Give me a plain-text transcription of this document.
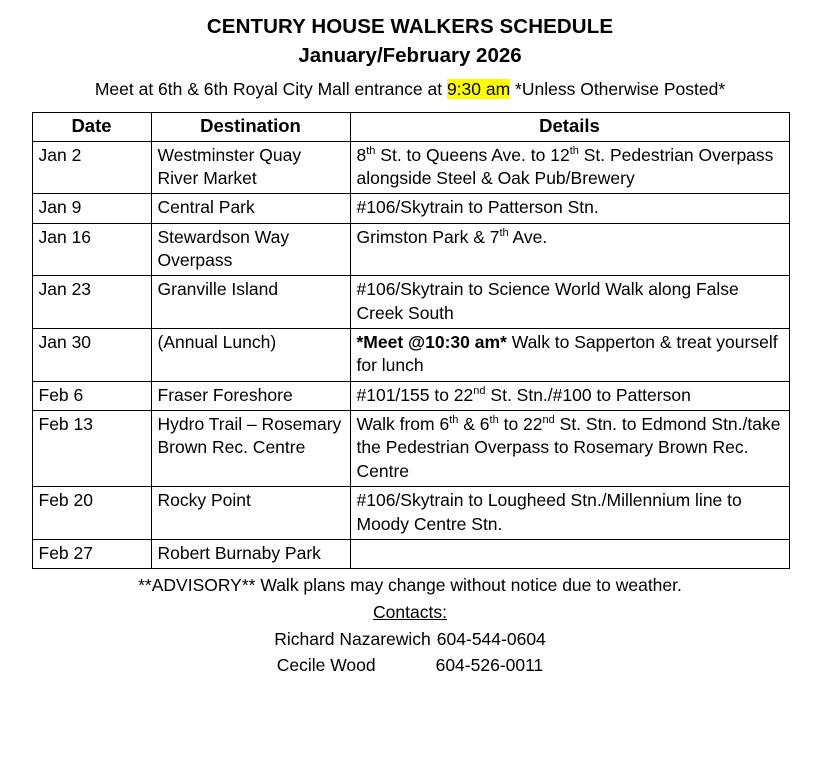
CENTURY HOUSE WALKERS SCHEDULE
January/February 2026
Meet at 6th & 6th Royal City Mall entrance at 9:30 am *Unless Otherwise Posted*
Date	Destination	Details
Jan 2	Westminster Quay River Market	8th St. to Queens Ave. to 12th St. Pedestrian Overpass alongside Steel & Oak Pub/Brewery
Jan 9	Central Park	#106/Skytrain to Patterson Stn.
Jan 16	Stewardson Way Overpass	Grimston Park & 7th Ave.
Jan 23	Granville Island	#106/Skytrain to Science World Walk along False Creek South
Jan 30	(Annual Lunch)	*Meet @10:30 am* Walk to Sapperton & treat yourself for lunch
Feb 6	Fraser Foreshore	#101/155 to 22nd St. Stn./#100 to Patterson
Feb 13	Hydro Trail – Rosemary Brown Rec. Centre	Walk from 6th & 6th to 22nd St. Stn. to Edmond Stn./take the Pedestrian Overpass to Rosemary Brown Rec. Centre
Feb 20	Rocky Point	#106/Skytrain to Lougheed Stn./Millennium line to Moody Centre Stn.
Feb 27	Robert Burnaby Park	
**ADVISORY** Walk plans may change without notice due to weather.
Contacts:
Richard Nazarewich 604-544-0604
Cecile Wood	604-526-0011
